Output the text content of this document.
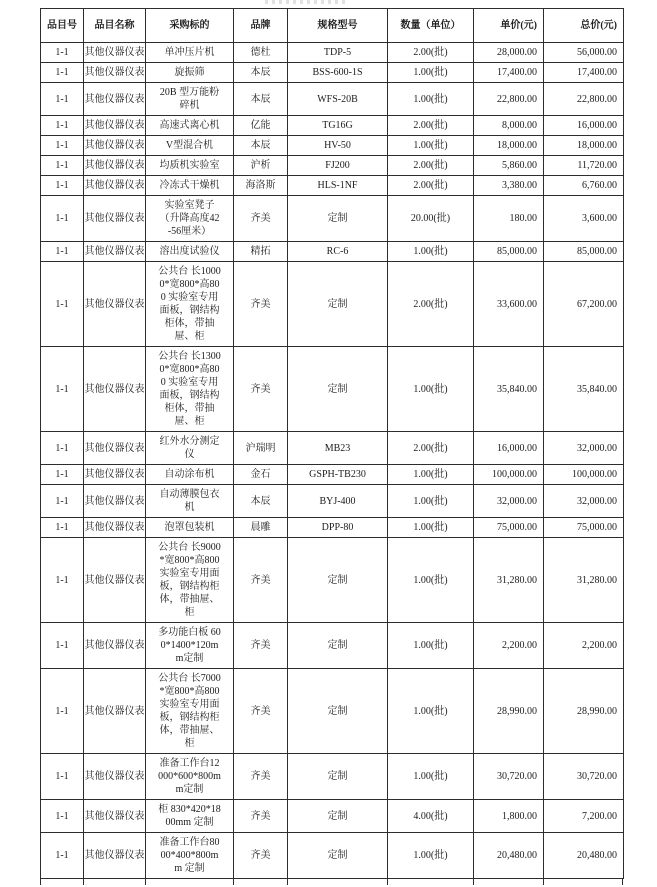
品目号	品目名称	采购标的	品牌	规格型号	数量（单位）	单价(元)	总价(元)
1-1	其他仪器仪表	单冲压片机	德杜	TDP-5	2.00(批)	28,000.00	56,000.00
1-1	其他仪器仪表	旋振筛	本辰	BSS-600-1S	1.00(批)	17,400.00	17,400.00
1-1	其他仪器仪表	20B 型万能粉碎机	本辰	WFS-20B	1.00(批)	22,800.00	22,800.00
1-1	其他仪器仪表	高速式离心机	亿能	TG16G	2.00(批)	8,000.00	16,000.00
1-1	其他仪器仪表	V型混合机	本辰	HV-50	1.00(批)	18,000.00	18,000.00
1-1	其他仪器仪表	均质机实验室	沪析	FJ200	2.00(批)	5,860.00	11,720.00
1-1	其他仪器仪表	冷冻式干燥机	海洛斯	HLS-1NF	2.00(批)	3,380.00	6,760.00
1-1	其他仪器仪表	实验室凳子（升降高度42-56厘米）	齐美	定制	20.00(批)	180.00	3,600.00
1-1	其他仪器仪表	溶出度试验仪	精拓	RC-6	1.00(批)	85,000.00	85,000.00
1-1	其他仪器仪表	公共台 长10000*宽800*高800 实验室专用面板，钢结构柜体，带抽屉、柜	齐美	定制	2.00(批)	33,600.00	67,200.00
1-1	其他仪器仪表	公共台 长13000*宽800*高800 实验室专用面板，钢结构柜体，带抽屉、柜	齐美	定制	1.00(批)	35,840.00	35,840.00
1-1	其他仪器仪表	红外水分测定仪	沪瑞明	MB23	2.00(批)	16,000.00	32,000.00
1-1	其他仪器仪表	自动涂布机	金石	GSPH-TB230	1.00(批)	100,000.00	100,000.00
1-1	其他仪器仪表	自动薄膜包衣机	本辰	BYJ-400	1.00(批)	32,000.00	32,000.00
1-1	其他仪器仪表	泡罩包装机	晨雕	DPP-80	1.00(批)	75,000.00	75,000.00
1-1	其他仪器仪表	公共台 长9000*宽800*高800 实验室专用面板，钢结构柜体，带抽屉、柜	齐美	定制	1.00(批)	31,280.00	31,280.00
1-1	其他仪器仪表	多功能白板 600*1400*120mm定制	齐美	定制	1.00(批)	2,200.00	2,200.00
1-1	其他仪器仪表	公共台 长7000*宽800*高800 实验室专用面板，钢结构柜体，带抽屉、柜	齐美	定制	1.00(批)	28,990.00	28,990.00
1-1	其他仪器仪表	准备工作台12000*600*800mm定制	齐美	定制	1.00(批)	30,720.00	30,720.00
1-1	其他仪器仪表	柜 830*420*1800mm 定制	齐美	定制	4.00(批)	1,800.00	7,200.00
1-1	其他仪器仪表	准备工作台8000*400*800mm 定制	齐美	定制	1.00(批)	20,480.00	20,480.00
